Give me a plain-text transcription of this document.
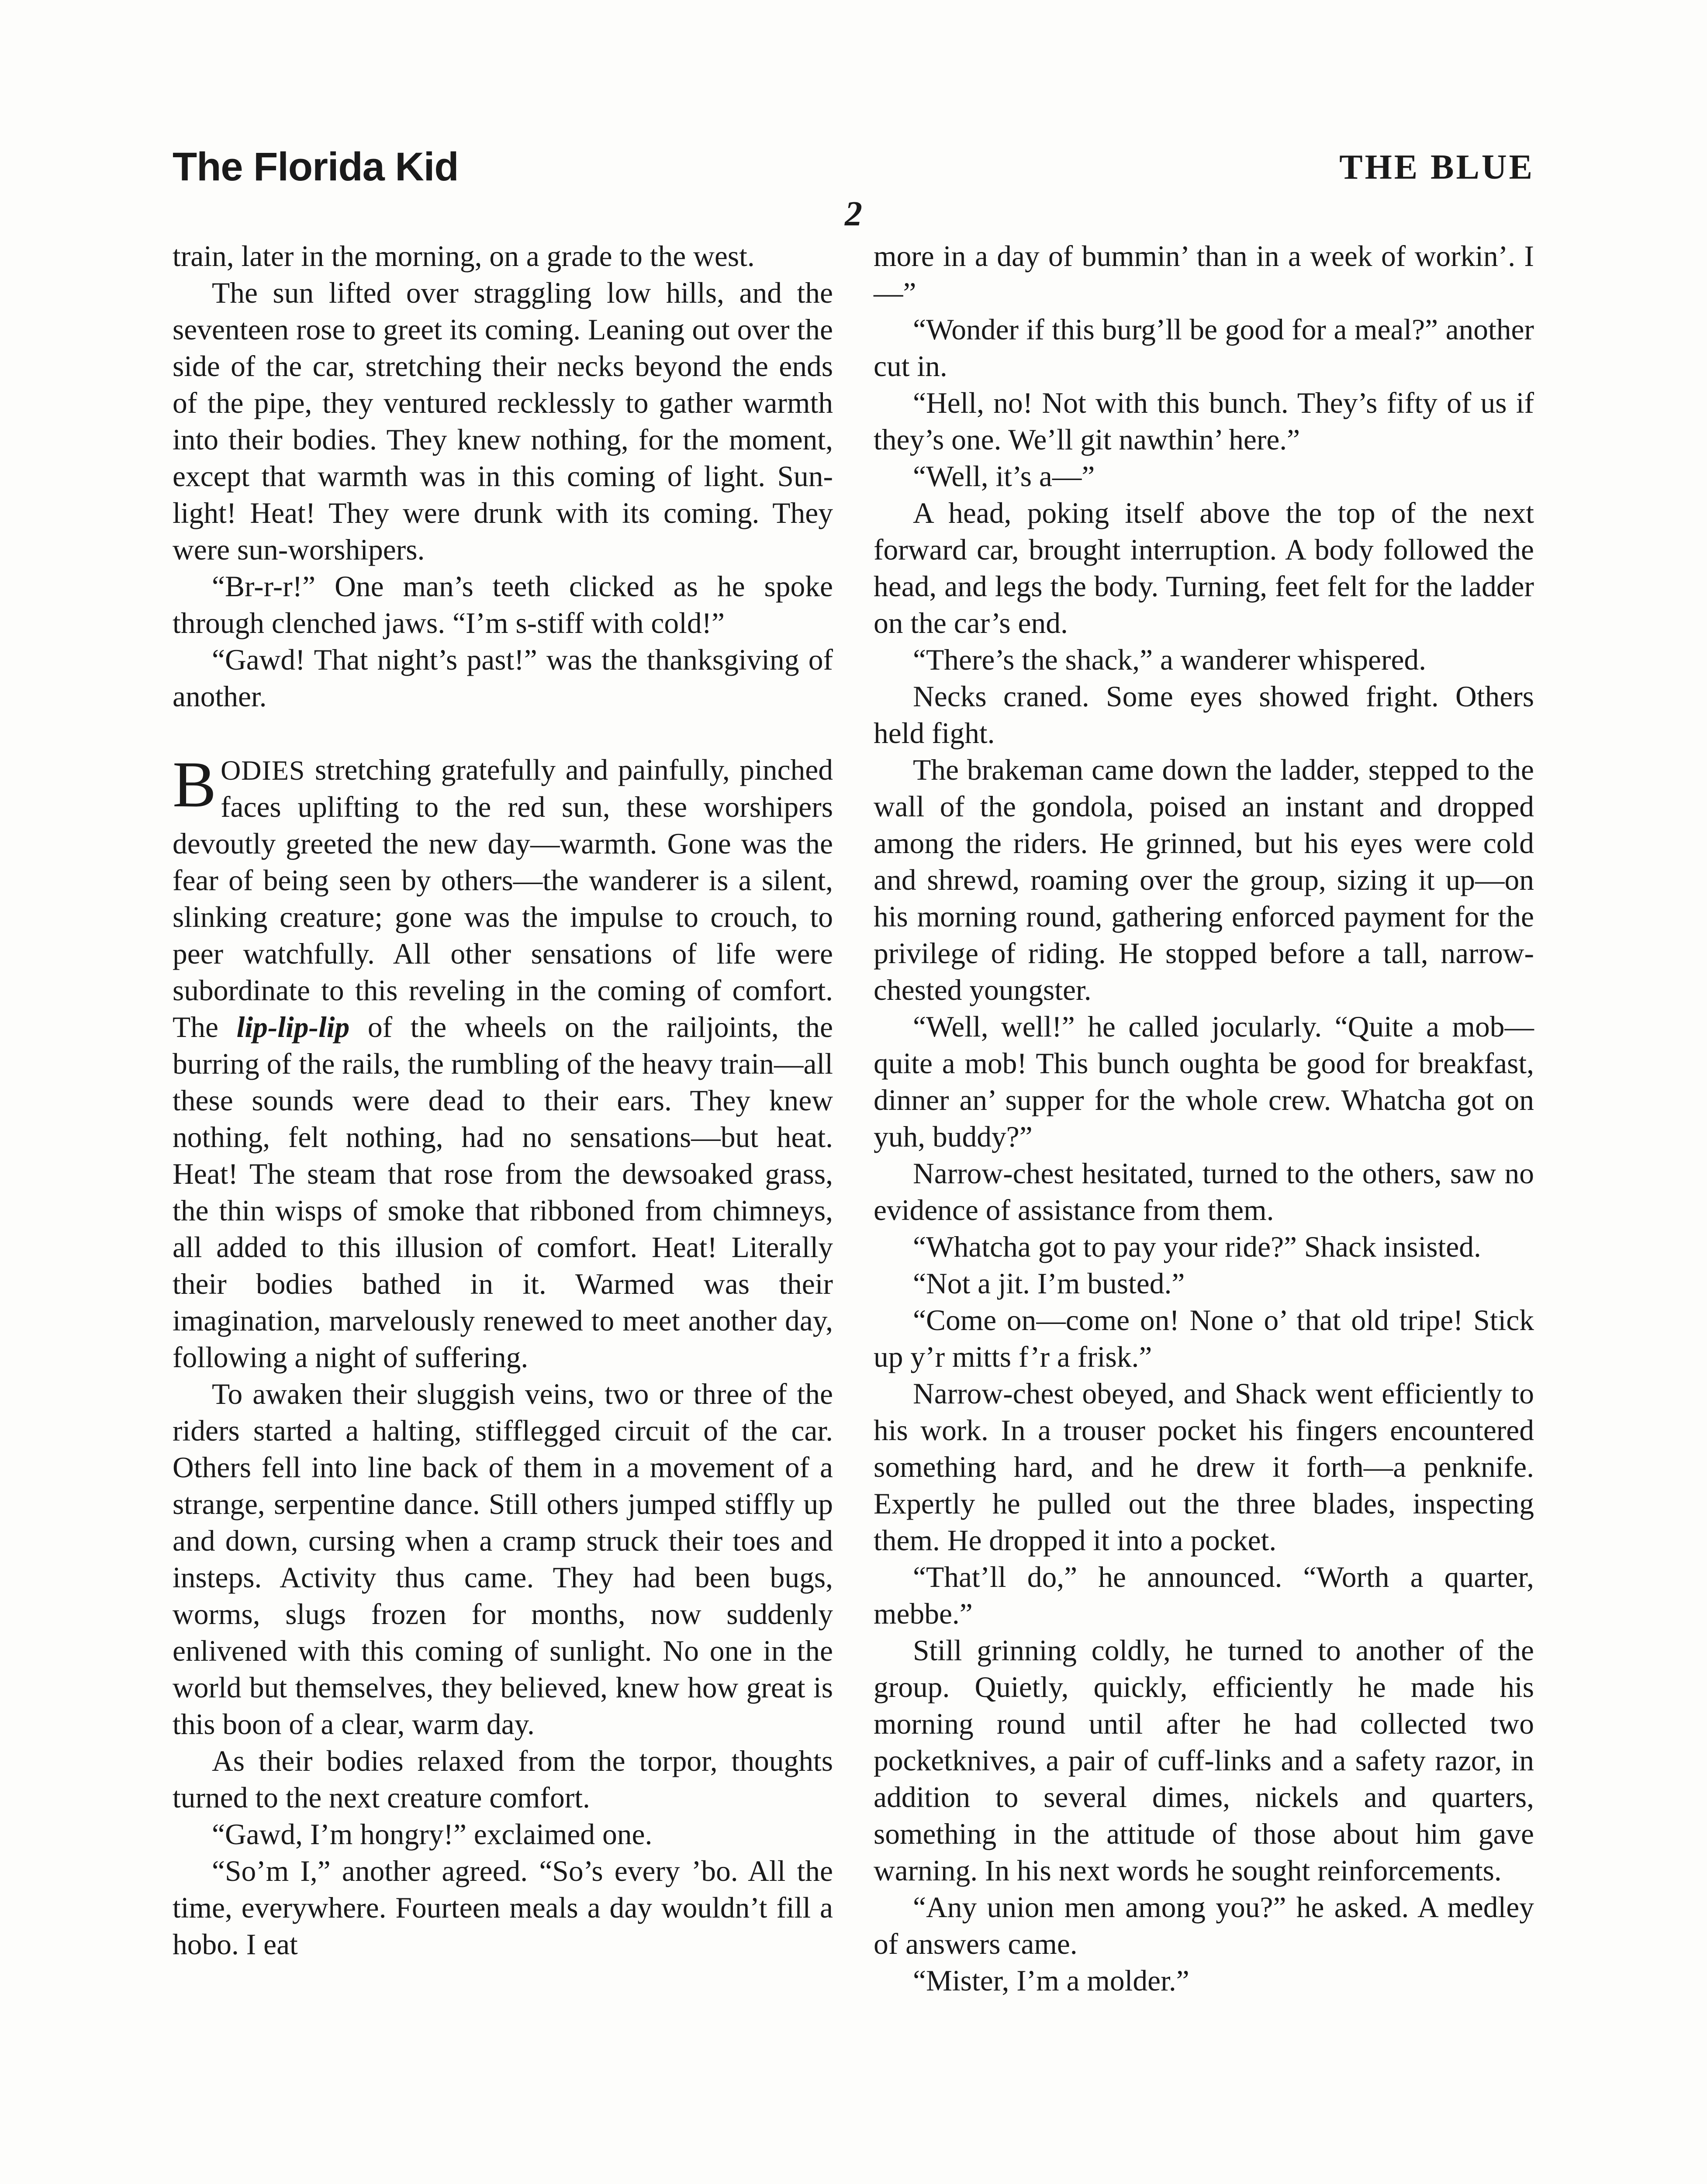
The Florida Kid	THE BLUE
2

train, later in the morning, on a grade to the west.

The sun lifted over straggling low hills, and the seventeen rose to greet its coming. Leaning out over the side of the car, stretching their necks beyond the ends of the pipe, they ventured recklessly to gather warmth into their bodies. They knew nothing, for the moment, except that warmth was in this coming of light. Sunlight! Heat! They were drunk with its coming. They were sun-worshipers.

“Br-r-r!” One man’s teeth clicked as he spoke through clenched jaws. “I’m s-stiff with cold!”

“Gawd! That night’s past!” was the thanksgiving of another.

BODIES stretching gratefully and painfully, pinched faces uplifting to the red sun, these worshipers devoutly greeted the new day—warmth. Gone was the fear of being seen by others—the wanderer is a silent, slinking creature; gone was the impulse to crouch, to peer watchfully. All other sensations of life were subordinate to this reveling in the coming of comfort. The lip-lip-lip of the wheels on the railjoints, the burring of the rails, the rumbling of the heavy train—all these sounds were dead to their ears. They knew nothing, felt nothing, had no sensations—but heat. Heat! The steam that rose from the dewsoaked grass, the thin wisps of smoke that ribboned from chimneys, all added to this illusion of comfort. Heat! Literally their bodies bathed in it. Warmed was their imagination, marvelously renewed to meet another day, following a night of suffering.

To awaken their sluggish veins, two or three of the riders started a halting, stifflegged circuit of the car. Others fell into line back of them in a movement of a strange, serpentine dance. Still others jumped stiffly up and down, cursing when a cramp struck their toes and insteps. Activity thus came. They had been bugs, worms, slugs frozen for months, now suddenly enlivened with this coming of sunlight. No one in the world but themselves, they believed, knew how great is this boon of a clear, warm day.

As their bodies relaxed from the torpor, thoughts turned to the next creature comfort.

“Gawd, I’m hongry!” exclaimed one.

“So’m I,” another agreed. “So’s every ’bo. All the time, everywhere. Fourteen meals a day wouldn’t fill a hobo. I eat

more in a day of bummin’ than in a week of workin’. I—”

“Wonder if this burg’ll be good for a meal?” another cut in.

“Hell, no! Not with this bunch. They’s fifty of us if they’s one. We’ll git nawthin’ here.”

“Well, it’s a—”

A head, poking itself above the top of the next forward car, brought interruption. A body followed the head, and legs the body. Turning, feet felt for the ladder on the car’s end.

“There’s the shack,” a wanderer whispered.

Necks craned. Some eyes showed fright. Others held fight.

The brakeman came down the ladder, stepped to the wall of the gondola, poised an instant and dropped among the riders. He grinned, but his eyes were cold and shrewd, roaming over the group, sizing it up—on his morning round, gathering enforced payment for the privilege of riding. He stopped before a tall, narrow-chested youngster.

“Well, well!” he called jocularly. “Quite a mob—quite a mob! This bunch oughta be good for breakfast, dinner an’ supper for the whole crew. Whatcha got on yuh, buddy?”

Narrow-chest hesitated, turned to the others, saw no evidence of assistance from them.

“Whatcha got to pay your ride?” Shack insisted.

“Not a jit. I’m busted.”

“Come on—come on! None o’ that old tripe! Stick up y’r mitts f’r a frisk.”

Narrow-chest obeyed, and Shack went efficiently to his work. In a trouser pocket his fingers encountered something hard, and he drew it forth—a penknife. Expertly he pulled out the three blades, inspecting them. He dropped it into a pocket.

“That’ll do,” he announced. “Worth a quarter, mebbe.”

Still grinning coldly, he turned to another of the group. Quietly, quickly, efficiently he made his morning round until after he had collected two pocketknives, a pair of cuff-links and a safety razor, in addition to several dimes, nickels and quarters, something in the attitude of those about him gave warning. In his next words he sought reinforcements.

“Any union men among you?” he asked. A medley of answers came.

“Mister, I’m a molder.”
